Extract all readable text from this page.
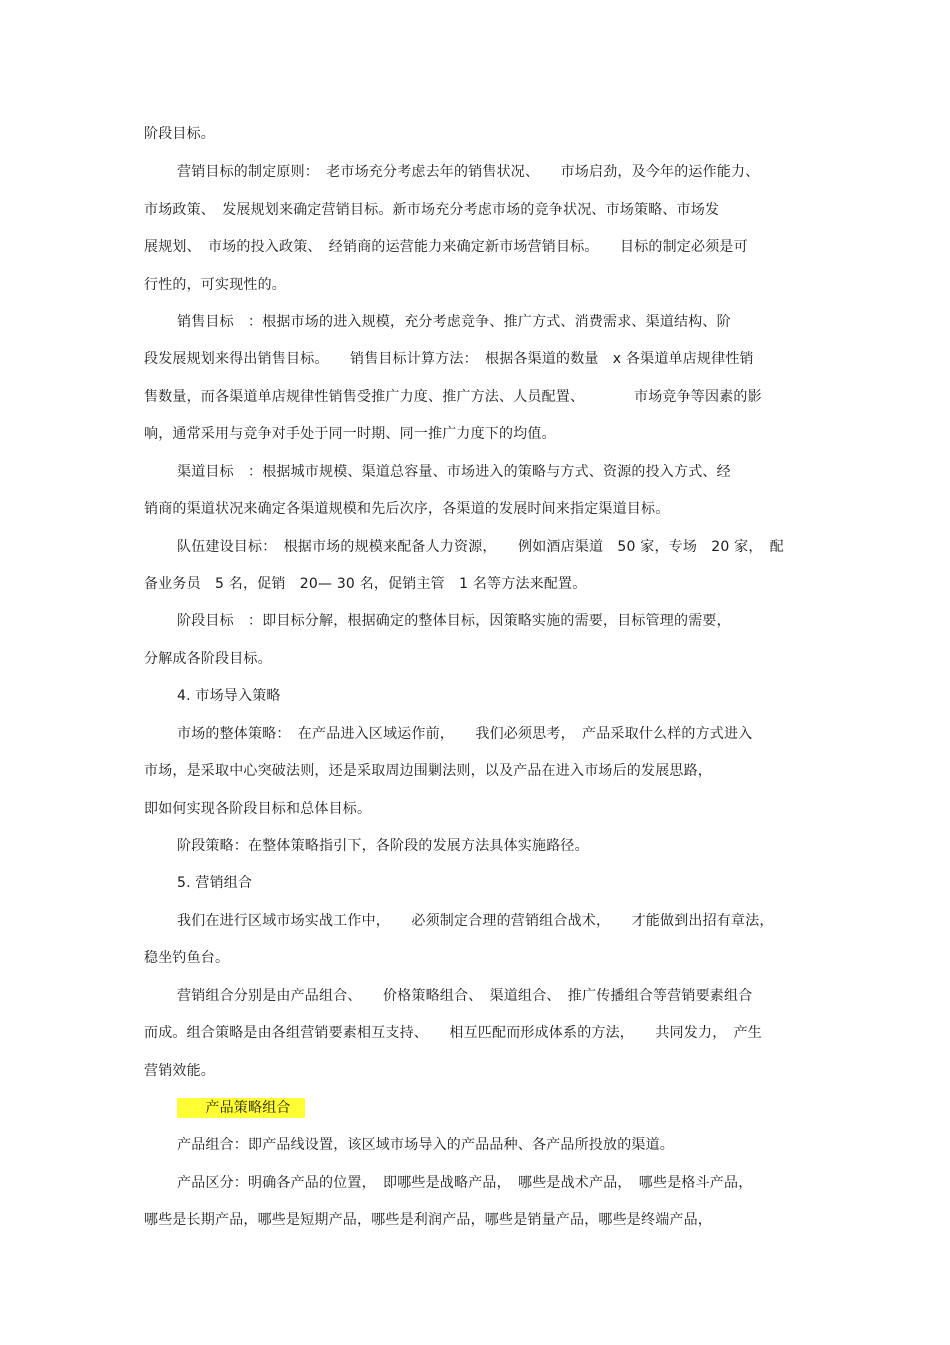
阶段目标。
营销目标的制定原则：　老市场充分考虑去年的销售状况、　　市场启劲，及今年的运作能力、
市场政策、　发展规划来确定营销目标。新市场充分考虑市场的竞争状况、市场策略、市场发
展规划、　市场的投入政策、　经销商的运营能力来确定新市场营销目标。　　目标的制定必须是可
行性的，可实现性的。
销售目标　：根据市场的进入规模，充分考虑竞争、推广方式、消费需求、渠道结构、阶
段发展规划来得出销售目标。　　销售目标计算方法：　根据各渠道的数量　x 各渠道单店规律性销
售数量，而各渠道单店规律性销售受推广力度、推广方法、人员配置、　　　　市场竞争等因素的影
响，通常采用与竞争对手处于同一时期、同一推广力度下的均值。
渠道目标　：根据城市规模、渠道总容量、市场进入的策略与方式、资源的投入方式、经
销商的渠道状况来确定各渠道规模和先后次序，各渠道的发展时间来指定渠道目标。
队伍建设目标：　根据市场的规模来配备人力资源，　　例如酒店渠道　50 家，专场　20 家，　配
备业务员　5 名，促销　20— 30 名，促销主管　1 名等方法来配置。
阶段目标　：即目标分解，根据确定的整体目标，因策略实施的需要，目标管理的需要，
分解成各阶段目标。
4. 市场导入策略
市场的整体策略：　在产品进入区域运作前，　　我们必须思考，　产品采取什么样的方式进入
市场，是采取中心突破法则，还是采取周边围剿法则，以及产品在进入市场后的发展思路，
即如何实现各阶段目标和总体目标。
阶段策略：在整体策略指引下，各阶段的发展方法具体实施路径。
5. 营销组合
我们在进行区域市场实战工作中，　　必须制定合理的营销组合战术，　　才能做到出招有章法，
稳坐钓鱼台。
营销组合分别是由产品组合、　　价格策略组合、　渠道组合、　推广传播组合等营销要素组合
而成。组合策略是由各组营销要素相互支持、　　相互匹配而形成体系的方法，　　共同发力，　产生
营销效能。
　　产品策略组合　
产品组合：即产品线设置，该区域市场导入的产品品种、各产品所投放的渠道。
产品区分：明确各产品的位置，　即哪些是战略产品，　哪些是战术产品，　哪些是格斗产品，
哪些是长期产品，哪些是短期产品，哪些是利润产品，哪些是销量产品，哪些是终端产品，
